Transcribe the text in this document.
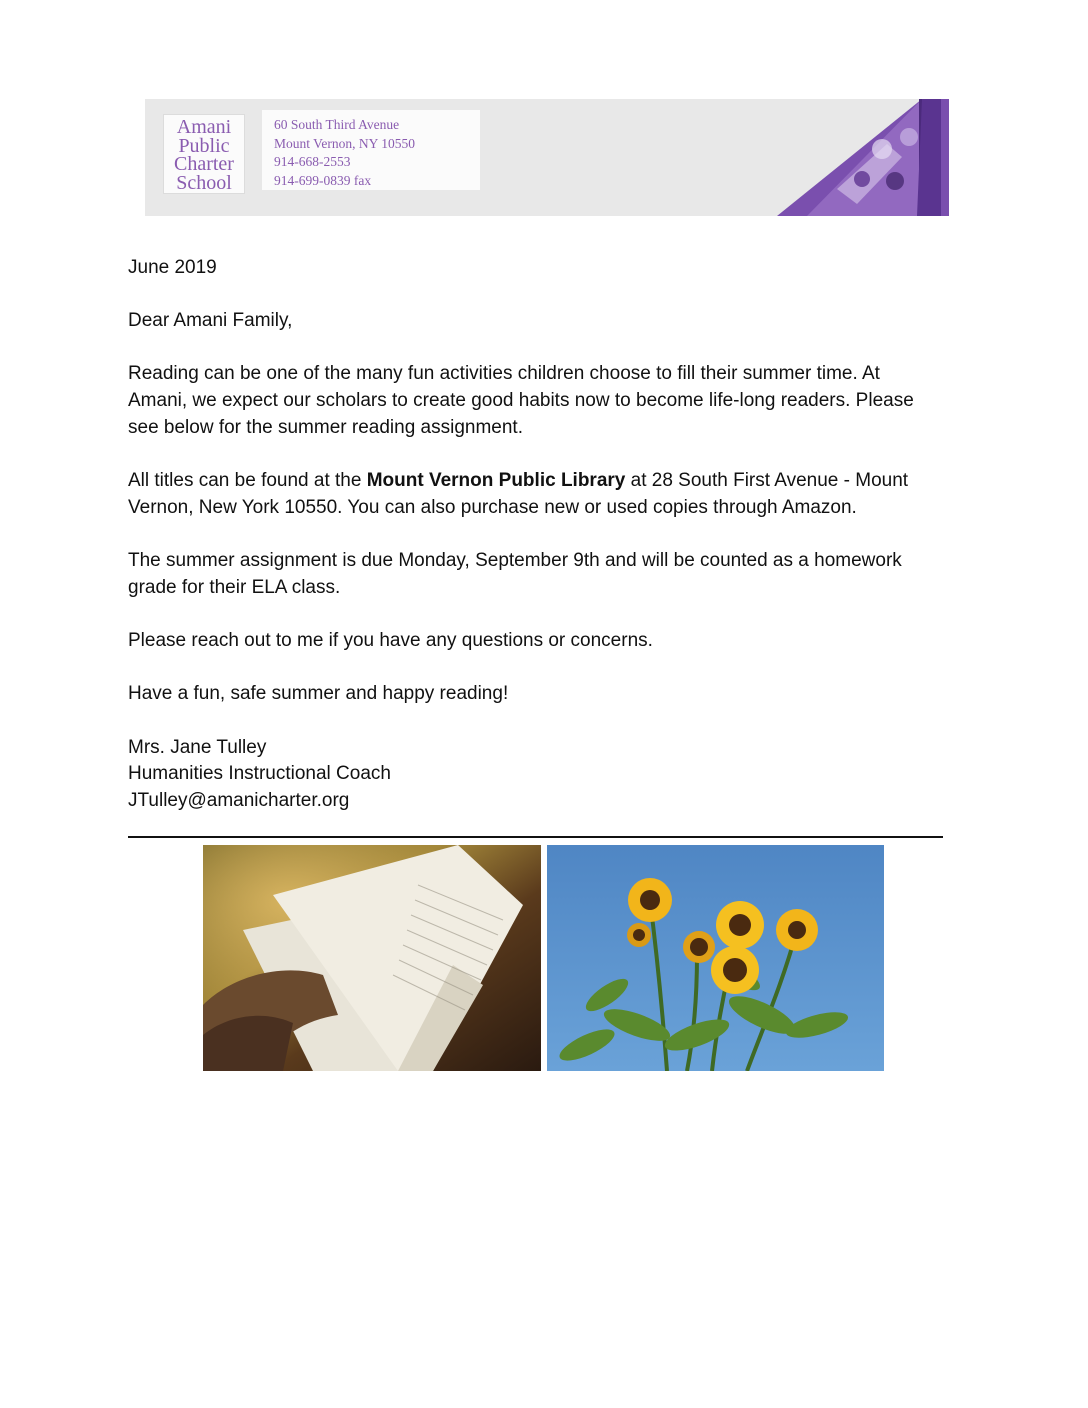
Amani
Public
Charter
School
60 South Third Avenue
Mount Vernon, NY 10550
914-668-2553
914-699-0839 fax
June 2019
Dear Amani Family,
Reading can be one of the many fun activities children choose to fill their summer time. At
Amani, we expect our scholars to create good habits now to become life-long readers. Please
see below for the summer reading assignment.
All titles can be found at the Mount Vernon Public Library at 28 South First Avenue - Mount
Vernon, New York 10550. You can also purchase new or used copies through Amazon.
The summer assignment is due Monday, September 9th and will be counted as a homework
grade for their ELA class.
Please reach out to me if you have any questions or concerns.
Have a fun, safe summer and happy reading!
Mrs. Jane Tulley
Humanities Instructional Coach
JTulley@amanicharter.org
